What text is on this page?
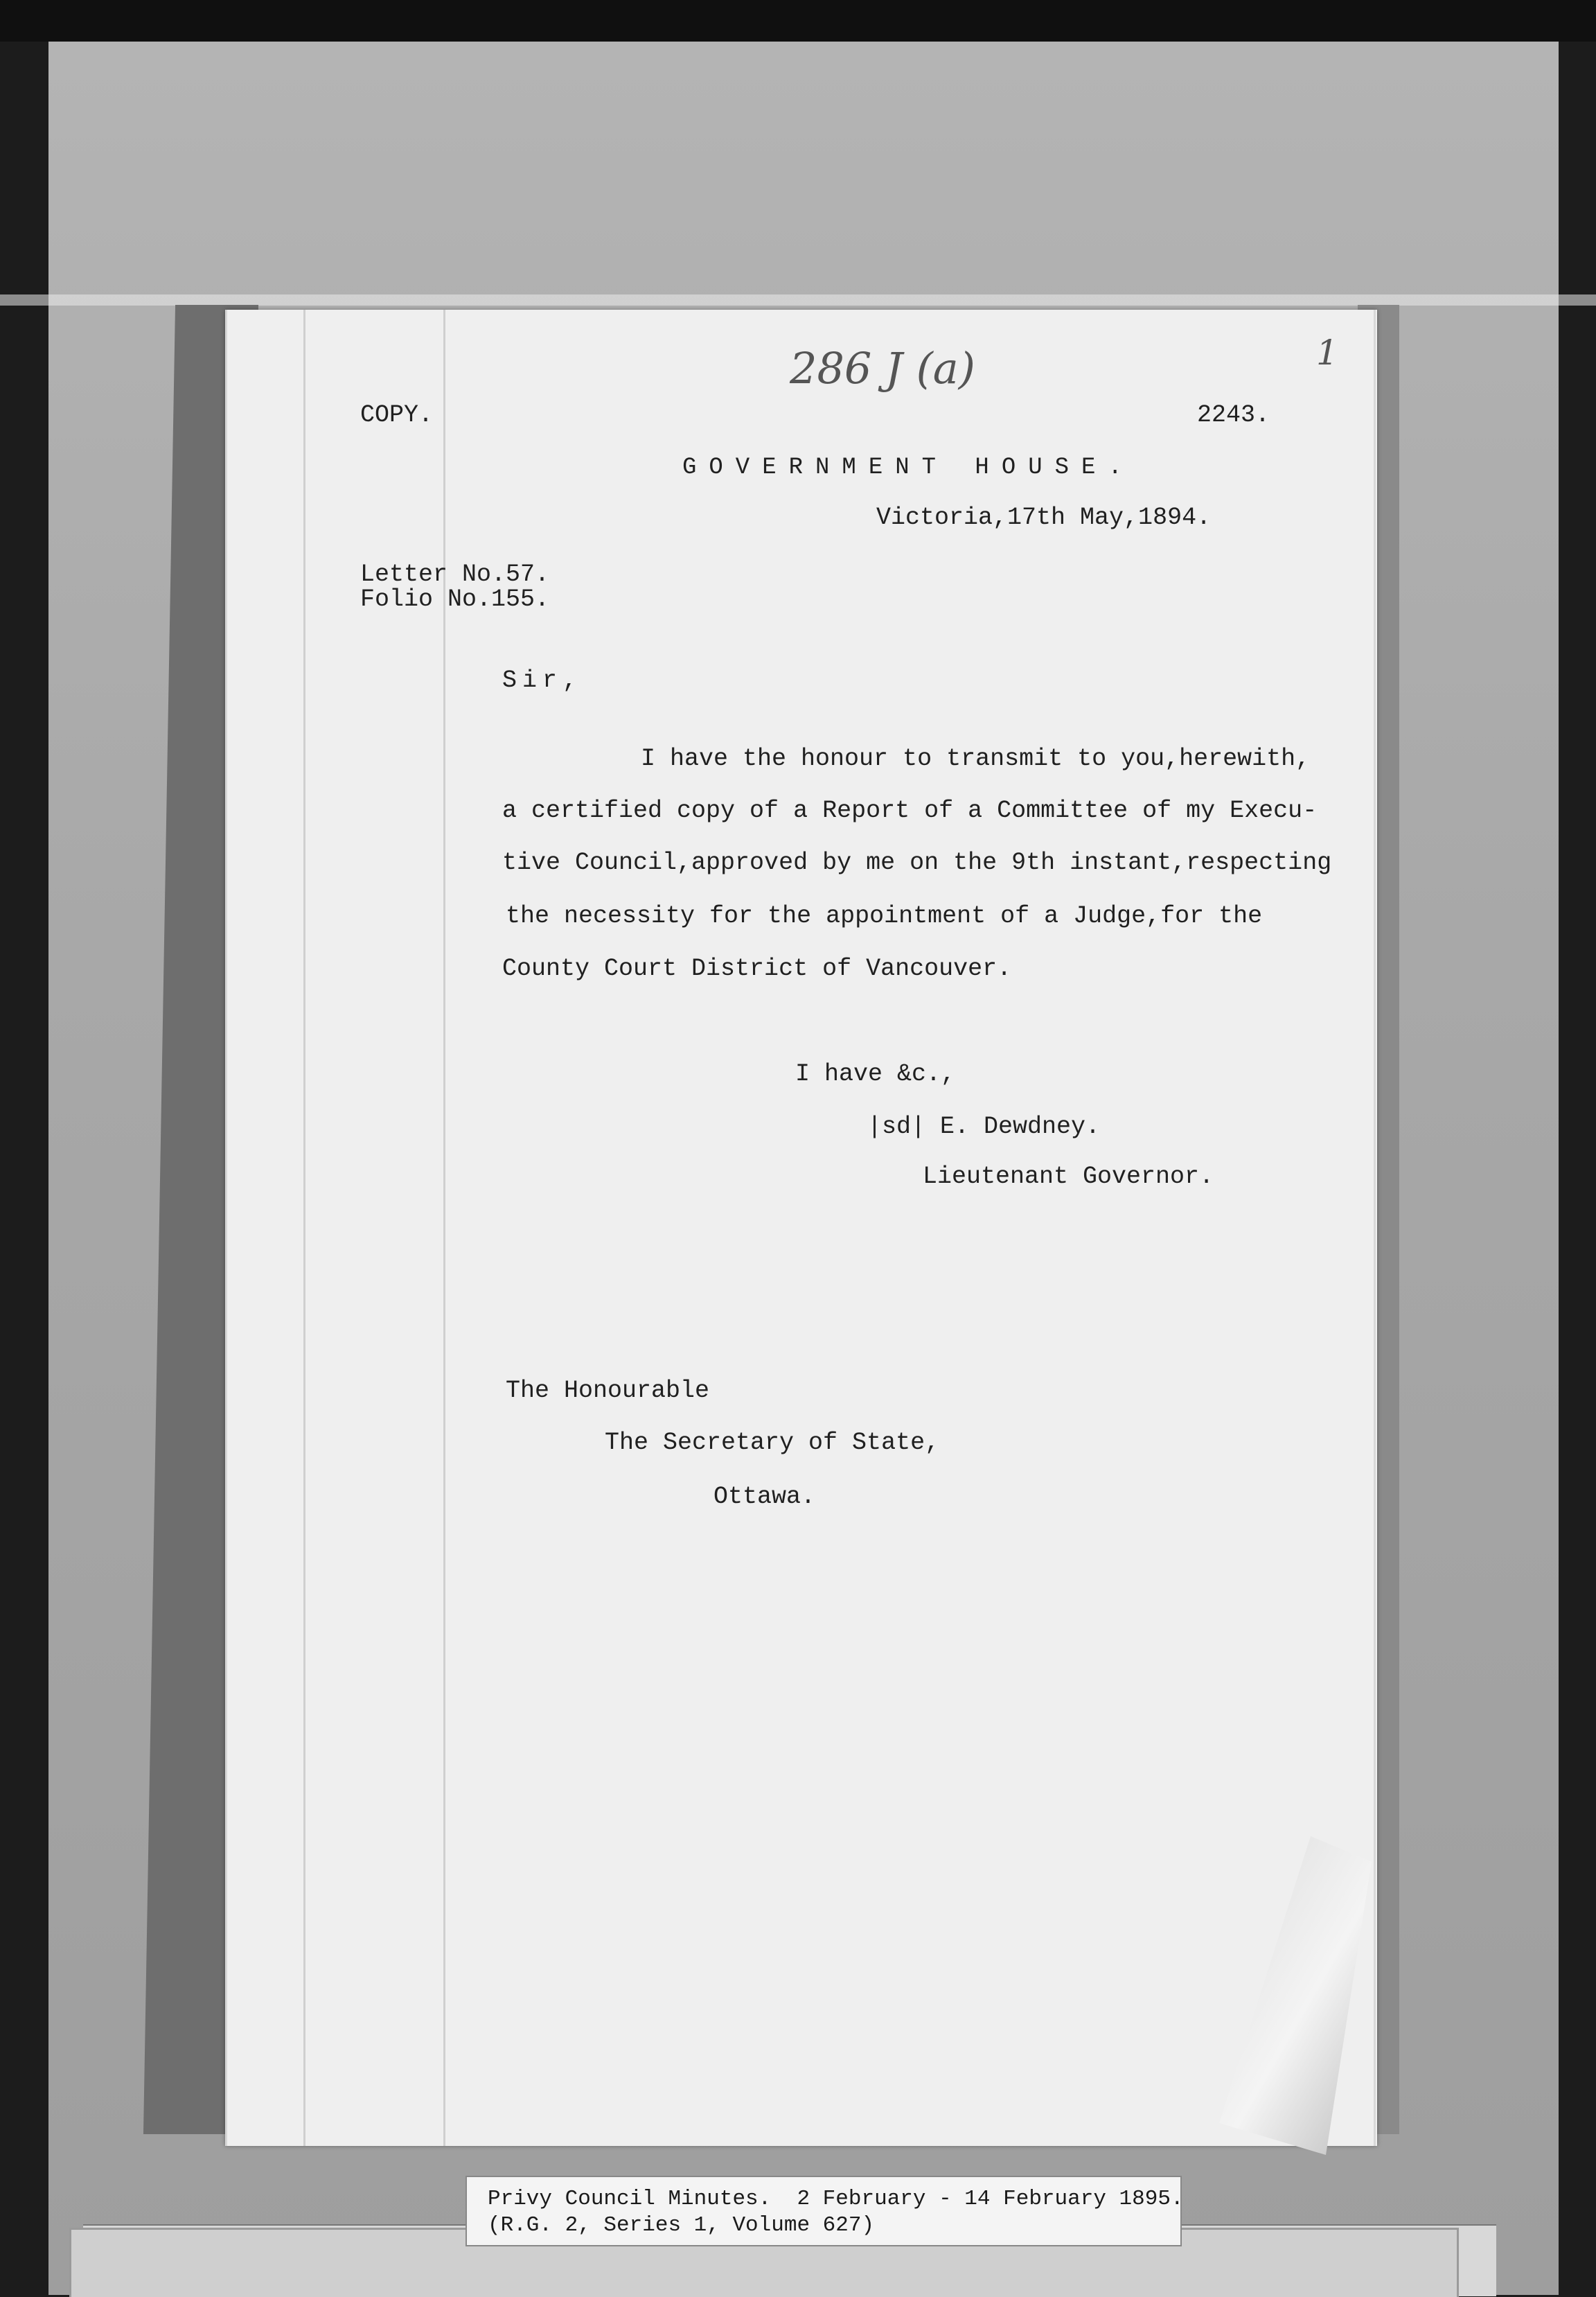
286 J (a)	1
COPY.	2243.
GOVERNMENT HOUSE.
Victoria,17th May,1894.
Letter No.57.
Folio No.155.
Sir,
I have the honour to transmit to you,herewith,
a certified copy of a Report of a Committee of my Execu-
tive Council,approved by me on the 9th instant,respecting
the necessity for the appointment of a Judge,for the
County Court District of Vancouver.
I have &c.,
|sd| E. Dewdney.
Lieutenant Governor.
The Honourable
The Secretary of State,
Ottawa.
Privy Council Minutes.  2 February - 14 February 1895.
(R.G. 2, Series 1, Volume 627)
